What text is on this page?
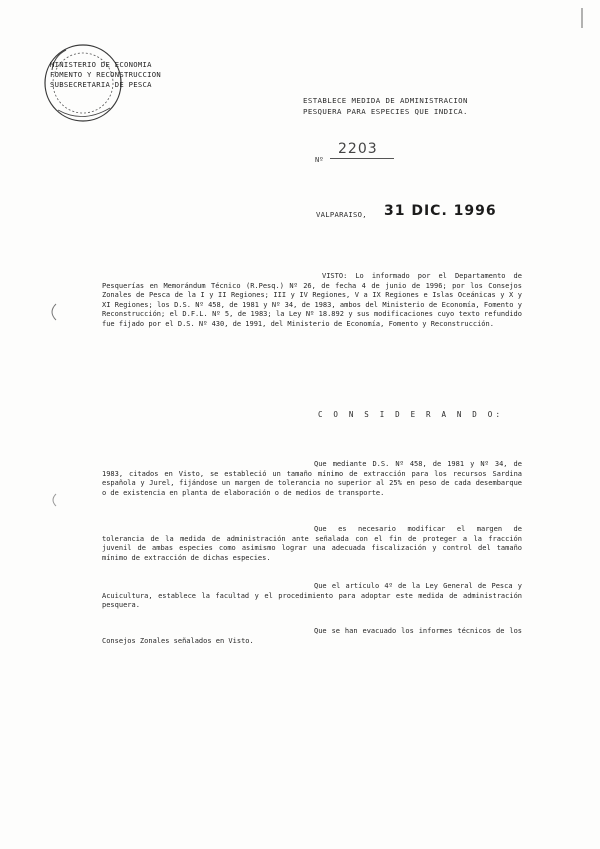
MINISTERIO DE ECONOMIA
FOMENTO Y RECONSTRUCCION
SUBSECRETARIA DE PESCA
ESTABLECE MEDIDA DE ADMINISTRACION
PESQUERA PARA ESPECIES QUE INDICA.
Nº
2203
VALPARAISO, 31 DIC. 1996
VISTO: Lo informado por el Departamento de Pesquerías en Memorándum Técnico (R.Pesq.) Nº 26, de fecha 4 de junio de 1996; por los Consejos Zonales de Pesca de la I y II Regiones; III y IV Regiones, V a IX Regiones e Islas Oceánicas y X y XI Regiones; los D.S. Nº 458, de 1981 y Nº 34, de 1983, ambos del Ministerio de Economía, Fomento y Reconstrucción; el D.F.L. Nº 5, de 1983; la Ley Nº 18.892 y sus modificaciones cuyo texto refundido fue fijado por el D.S. Nº 430, de 1991, del Ministerio de Economía, Fomento y Reconstrucción.
C O N S I D E R A N D O:
Que mediante D.S. Nº 458, de 1981 y Nº 34, de 1983, citados en Visto, se estableció un tamaño mínimo de extracción para los recursos Sardina española y Jurel, fijándose un margen de tolerancia no superior al 25% en peso de cada desembarque o de existencia en planta de elaboración o de medios de transporte.
Que es necesario modificar el margen de tolerancia de la medida de administración ante señalada con el fin de proteger a la fracción juvenil de ambas especies como asimismo lograr una adecuada fiscalización y control del tamaño mínimo de extracción de dichas especies.
Que el artículo 4º de la Ley General de Pesca y Acuicultura, establece la facultad y el procedimiento para adoptar este medida de administración pesquera.
Que se han evacuado los informes técnicos de los Consejos Zonales señalados en Visto.
